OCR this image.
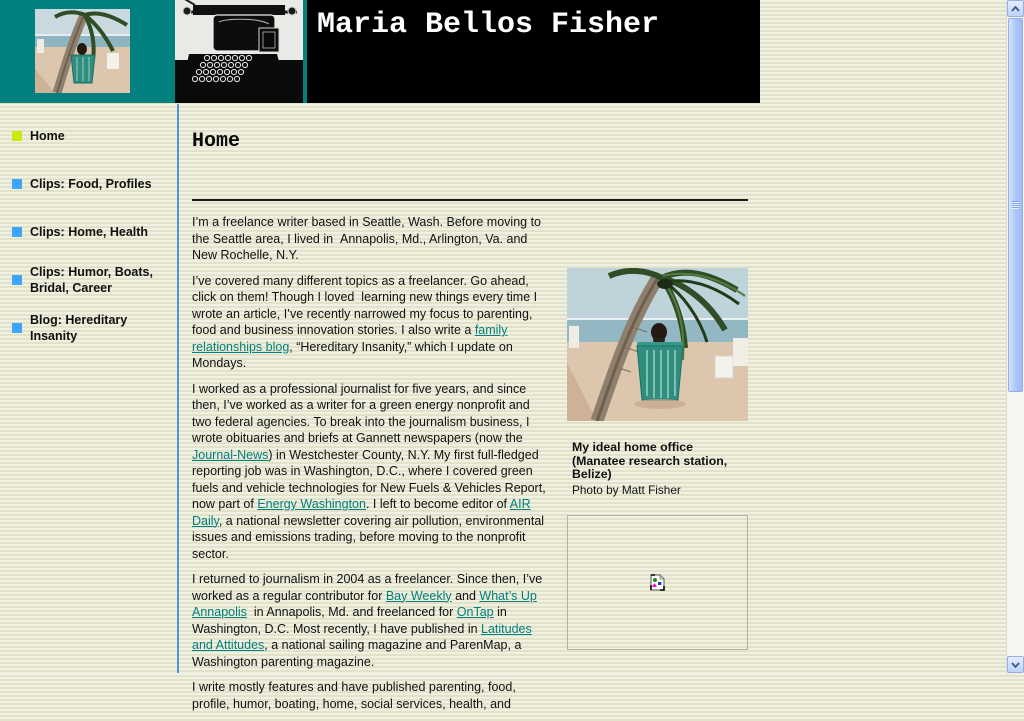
Maria Bellos Fisher
Home
Clips: Food, Profiles
Clips: Home, Health
Clips: Humor, Boats, Bridal, Career
Blog: Hereditary Insanity
Home

I’m a freelance writer based in Seattle, Wash. Before moving to the Seattle area, I lived in  Annapolis, Md., Arlington, Va. and New Rochelle, N.Y.

I’ve covered many different topics as a freelancer. Go ahead, click on them! Though I loved  learning new things every time I wrote an article, I’ve recently narrowed my focus to parenting, food and business innovation stories. I also write a family relationships blog, “Hereditary Insanity,” which I update on Mondays.

I worked as a professional journalist for five years, and since then, I’ve worked as a writer for a green energy nonprofit and two federal agencies. To break into the journalism business, I wrote obituaries and briefs at Gannett newspapers (now the Journal-News) in Westchester County, N.Y. My first full-fledged reporting job was in Washington, D.C., where I covered green fuels and vehicle technologies for New Fuels & Vehicles Report, now part of Energy Washington. I left to become editor of AIR Daily, a national newsletter covering air pollution, environmental issues and emissions trading, before moving to the nonprofit sector.

I returned to journalism in 2004 as a freelancer. Since then, I’ve worked as a regular contributor for Bay Weekly and What’s Up Annapolis  in Annapolis, Md. and freelanced for OnTap in Washington, D.C. Most recently, I have published in Latitudes and Attitudes, a national sailing magazine and ParenMap, a Washington parenting magazine.

I write mostly features and have published parenting, food, profile, humor, boating, home, social services, health, and

My ideal home office (Manatee research station, Belize)
Photo by Matt Fisher
